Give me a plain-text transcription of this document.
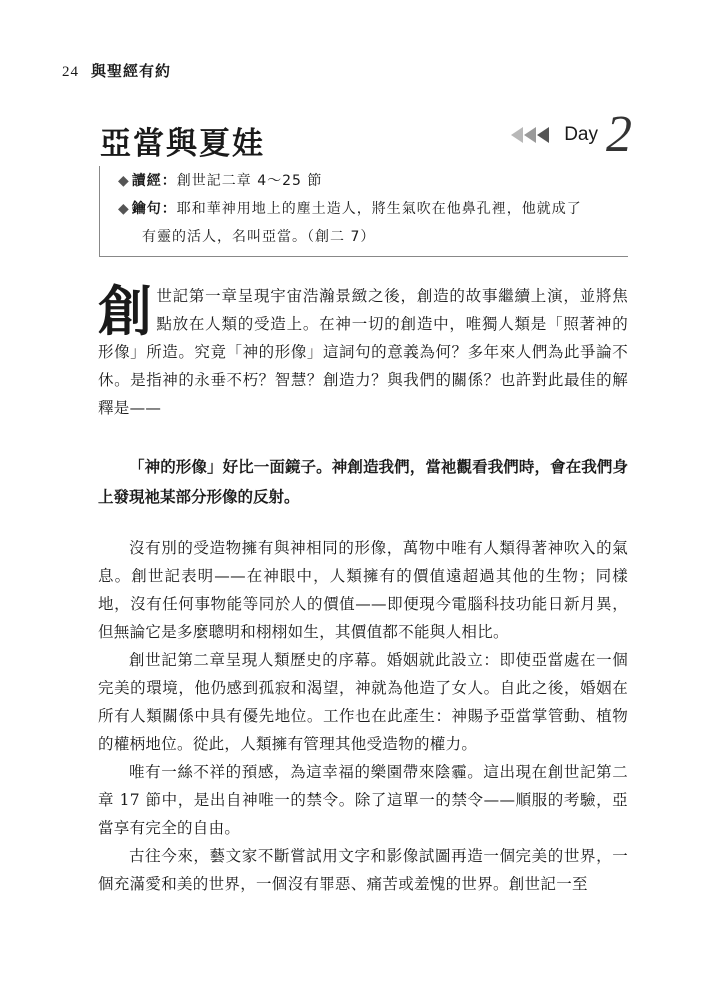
24 與聖經有約
亞當與夏娃	Day 2
◆ 讀經：創世記二章 4～25 節
◆ 鑰句：耶和華神用地上的塵土造人，將生氣吹在他鼻孔裡，他就成了
有靈的活人，名叫亞當。（創二 7）

創世記第一章呈現宇宙浩瀚景緻之後，創造的故事繼續上演，並將焦點放在人類的受造上。在神一切的創造中，唯獨人類是「照著神的形像」所造。究竟「神的形像」這詞句的意義為何？多年來人們為此爭論不休。是指神的永垂不朽？智慧？創造力？與我們的關係？也許對此最佳的解釋是——

「神的形像」好比一面鏡子。神創造我們，當祂觀看我們時，會在我們身上發現祂某部分形像的反射。

沒有別的受造物擁有與神相同的形像，萬物中唯有人類得著神吹入的氣息。創世記表明——在神眼中，人類擁有的價值遠超過其他的生物；同樣地，沒有任何事物能等同於人的價值——即便現今電腦科技功能日新月異，但無論它是多麼聰明和栩栩如生，其價值都不能與人相比。

創世記第二章呈現人類歷史的序幕。婚姻就此設立：即使亞當處在一個完美的環境，他仍感到孤寂和渴望，神就為他造了女人。自此之後，婚姻在所有人類關係中具有優先地位。工作也在此產生：神賜予亞當掌管動、植物的權柄地位。從此，人類擁有管理其他受造物的權力。

唯有一絲不祥的預感，為這幸福的樂園帶來陰霾。這出現在創世記第二章 17 節中，是出自神唯一的禁令。除了這單一的禁令——順服的考驗，亞當享有完全的自由。

古往今來，藝文家不斷嘗試用文字和影像試圖再造一個完美的世界，一個充滿愛和美的世界，一個沒有罪惡、痛苦或羞愧的世界。創世記一至
